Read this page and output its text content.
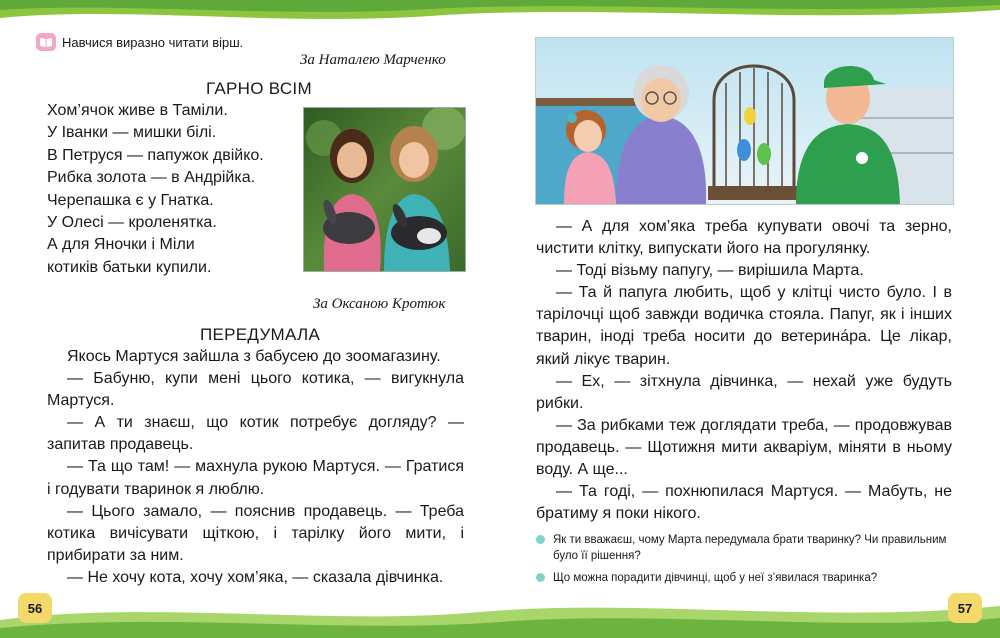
Навчися виразно читати вірш.
За Наталею Марченко
ГАРНО ВСІМ
Хом’ячок живе в Таміли.
У Іванки — мишки білі.
В Петруся — папужок двійко.
Рибка золота — в Андрійка.
Черепашка є у Гнатка.
У Олесі — кроленятка.
А для Яночки і Міли
котиків батьки купили.
За Оксаною Кротюк
ПЕРЕДУМАЛА

Якось Мартуся зайшла з бабусею до зоомагазину.

— Бабуню, купи мені цього котика, — вигукнула Мартуся.

— А ти знаєш, що котик потребує догляду? — запитав продавець.

— Та що там! — махнула рукою Мартуся. — Гратися і годувати тваринок я люблю.

— Цього замало, — пояснив продавець. — Треба котика вичісувати щіткою, і тарілку його мити, і прибирати за ним.

— Не хочу кота, хочу хом’яка, — сказала дівчинка.

56

— А для хом’яка треба купувати овочі та зерно, чистити клітку, випускати його на прогулянку.

— Тоді візьму папугу, — вирішила Марта.

— Та й папуга любить, щоб у клітці чисто було. І в тарілочці щоб завжди водичка стояла. Папуг, як і інших тварин, іноді треба носити до ветерина́ра. Це лікар, який лікує тварин.

— Ех, — зітхнула дівчинка, — нехай уже будуть рибки.

— За рибками теж доглядати треба, — продовжував продавець. — Щотижня мити акваріум, міняти в ньому воду. А ще...

— Та годі, — похнюпилася Мартуся. — Мабуть, не братиму я поки нікого.

Як ти вважаєш, чому Марта передумала брати тваринку? Чи правильним було її рішення?
Що можна порадити дівчинці, щоб у неї з’явилася тваринка?
57
